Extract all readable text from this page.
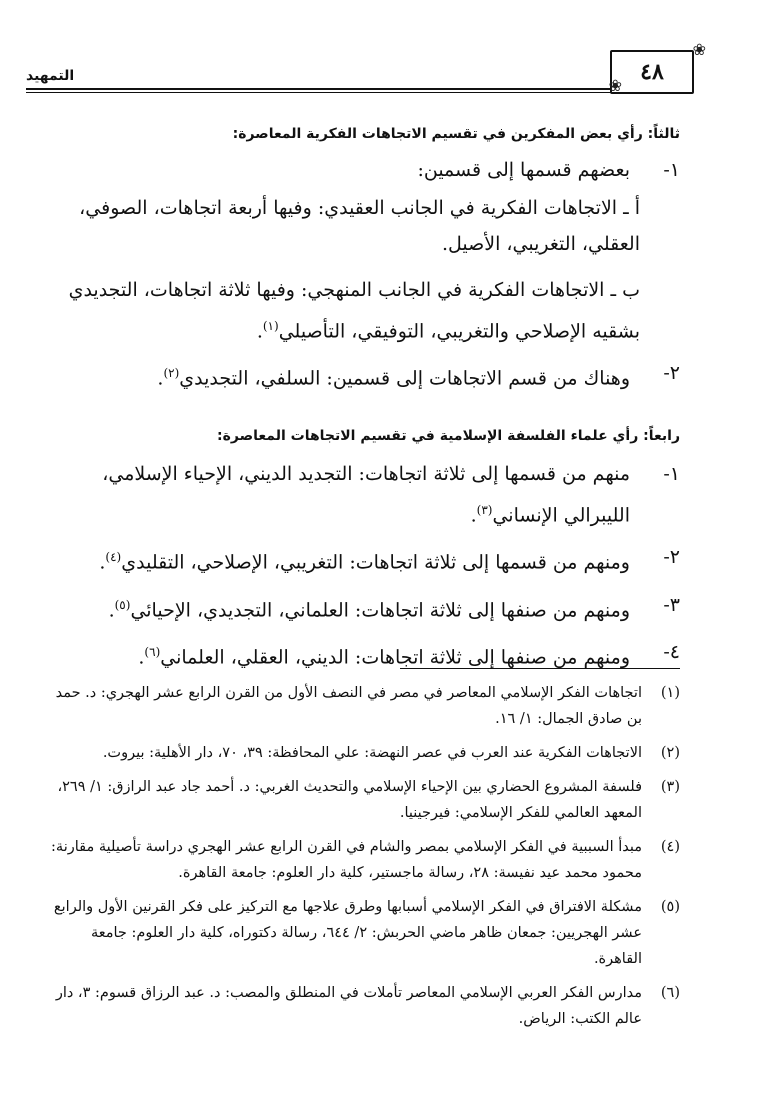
التمهيد	٤٨
❀
❀
ثالثاً: رأي بعض المفكرين في تقسيم الاتجاهات الفكرية المعاصرة:
١-
بعضهم قسمها إلى قسمين:
أ ـ الاتجاهات الفكرية في الجانب العقيدي: وفيها أربعة اتجاهات، الصوفي، العقلي، التغريبي، الأصيل.
ب ـ الاتجاهات الفكرية في الجانب المنهجي: وفيها ثلاثة اتجاهات، التجديدي بشقيه الإصلاحي والتغريبي، التوفيقي، التأصيلي$^{(١)}$.
٢-
وهناك من قسم الاتجاهات إلى قسمين: السلفي، التجديدي$^{(٢)}$.
رابعاً: رأي علماء الفلسفة الإسلامية في تقسيم الاتجاهات المعاصرة:
١-
منهم من قسمها إلى ثلاثة اتجاهات: التجديد الديني، الإحياء الإسلامي، الليبرالي الإنساني$^{(٣)}$.
٢-
ومنهم من قسمها إلى ثلاثة اتجاهات: التغريبي، الإصلاحي، التقليدي$^{(٤)}$.
٣-
ومنهم من صنفها إلى ثلاثة اتجاهات: العلماني، التجديدي، الإحيائي$^{(٥)}$.
٤-
ومنهم من صنفها إلى ثلاثة اتجاهات: الديني، العقلي، العلماني$^{(٦)}$.
(١)
اتجاهات الفكر الإسلامي المعاصر في مصر في النصف الأول من القرن الرابع عشر الهجري: د. حمد بن صادق الجمال: ١/ ١٦.
(٢)
الاتجاهات الفكرية عند العرب في عصر النهضة: علي المحافظة: ٣٩، ٧٠، دار الأهلية: بيروت.
(٣)
فلسفة المشروع الحضاري بين الإحياء الإسلامي والتحديث الغربي: د. أحمد جاد عبد الرازق: ١/ ٢٦٩، المعهد العالمي للفكر الإسلامي: فيرجينيا.
(٤)
مبدأ السببية في الفكر الإسلامي بمصر والشام في القرن الرابع عشر الهجري دراسة تأصيلية مقارنة: محمود محمد عيد نفيسة: ٢٨، رسالة ماجستير، كلية دار العلوم: جامعة القاهرة.
(٥)
مشكلة الافتراق في الفكر الإسلامي أسبابها وطرق علاجها مع التركيز على فكر القرنين الأول والرابع عشر الهجريين: جمعان ظاهر ماضي الحربش: ٢/ ٦٤٤، رسالة دكتوراه، كلية دار العلوم: جامعة القاهرة.
(٦)
مدارس الفكر العربي الإسلامي المعاصر تأملات في المنطلق والمصب: د. عبد الرزاق قسوم: ٣، دار عالم الكتب: الرياض.
